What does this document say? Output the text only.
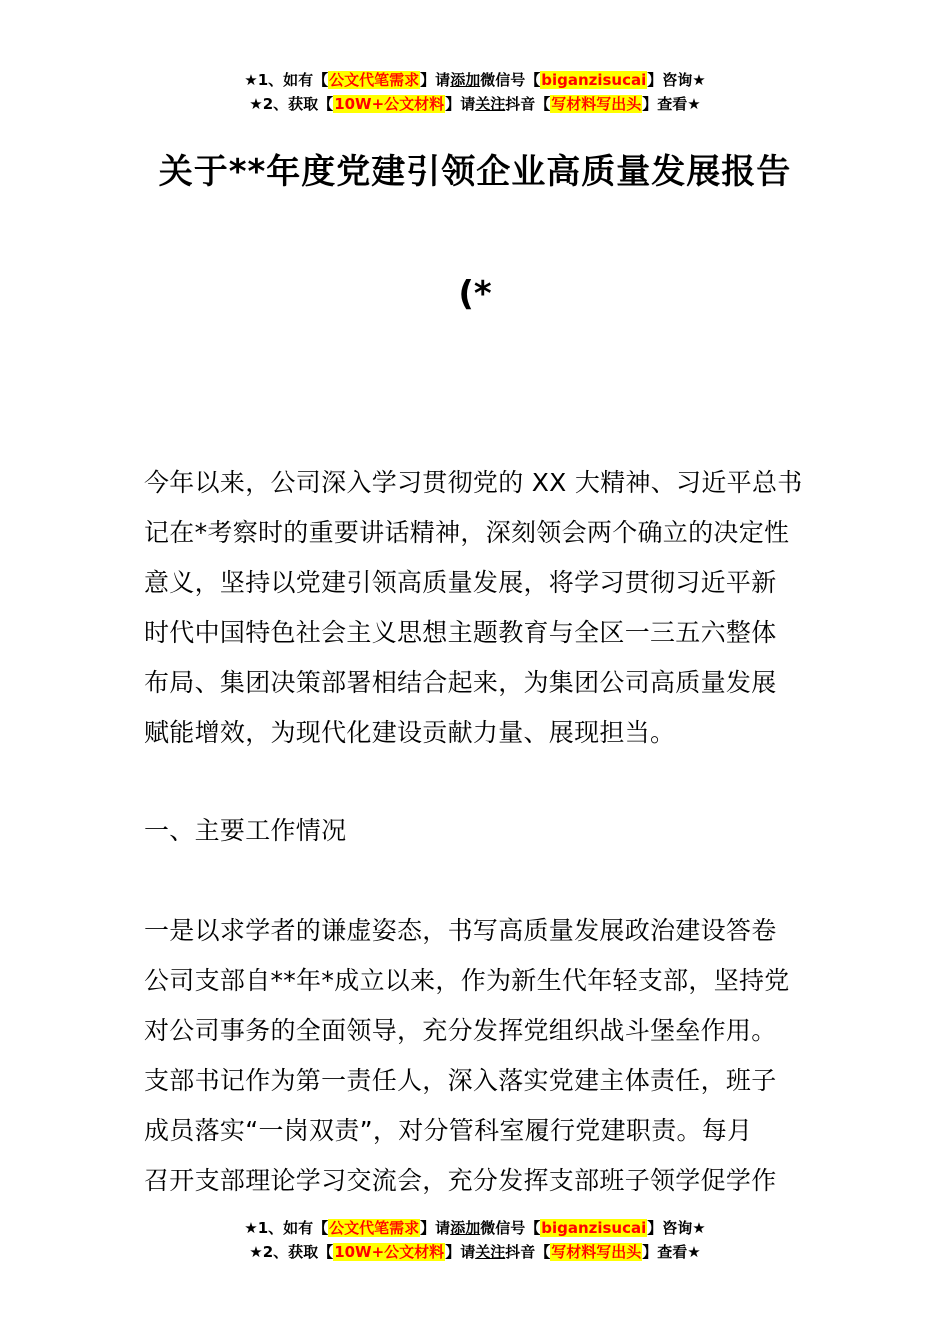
★1、如有【公文代笔需求】请添加微信号【biganzisucai】咨询★
★2、获取【10W+公文材料】请关注抖音【写材料写出头】查看★
关于**年度党建引领企业高质量发展报告
(*
今年以来，公司深入学习贯彻党的 XX 大精神、习近平总书
记在*考察时的重要讲话精神，深刻领会两个确立的决定性
意义，坚持以党建引领高质量发展，将学习贯彻习近平新
时代中国特色社会主义思想主题教育与全区一三五六整体
布局、集团决策部署相结合起来，为集团公司高质量发展
赋能增效，为现代化建设贡献力量、展现担当。
一、主要工作情况
一是以求学者的谦虚姿态，书写高质量发展政治建设答卷
公司支部自**年*成立以来，作为新生代年轻支部，坚持党
对公司事务的全面领导，充分发挥党组织战斗堡垒作用。
支部书记作为第一责任人，深入落实党建主体责任，班子
成员落实“一岗双责”，对分管科室履行党建职责。每月
召开支部理论学习交流会，充分发挥支部班子领学促学作
★1、如有【公文代笔需求】请添加微信号【biganzisucai】咨询★
★2、获取【10W+公文材料】请关注抖音【写材料写出头】查看★
